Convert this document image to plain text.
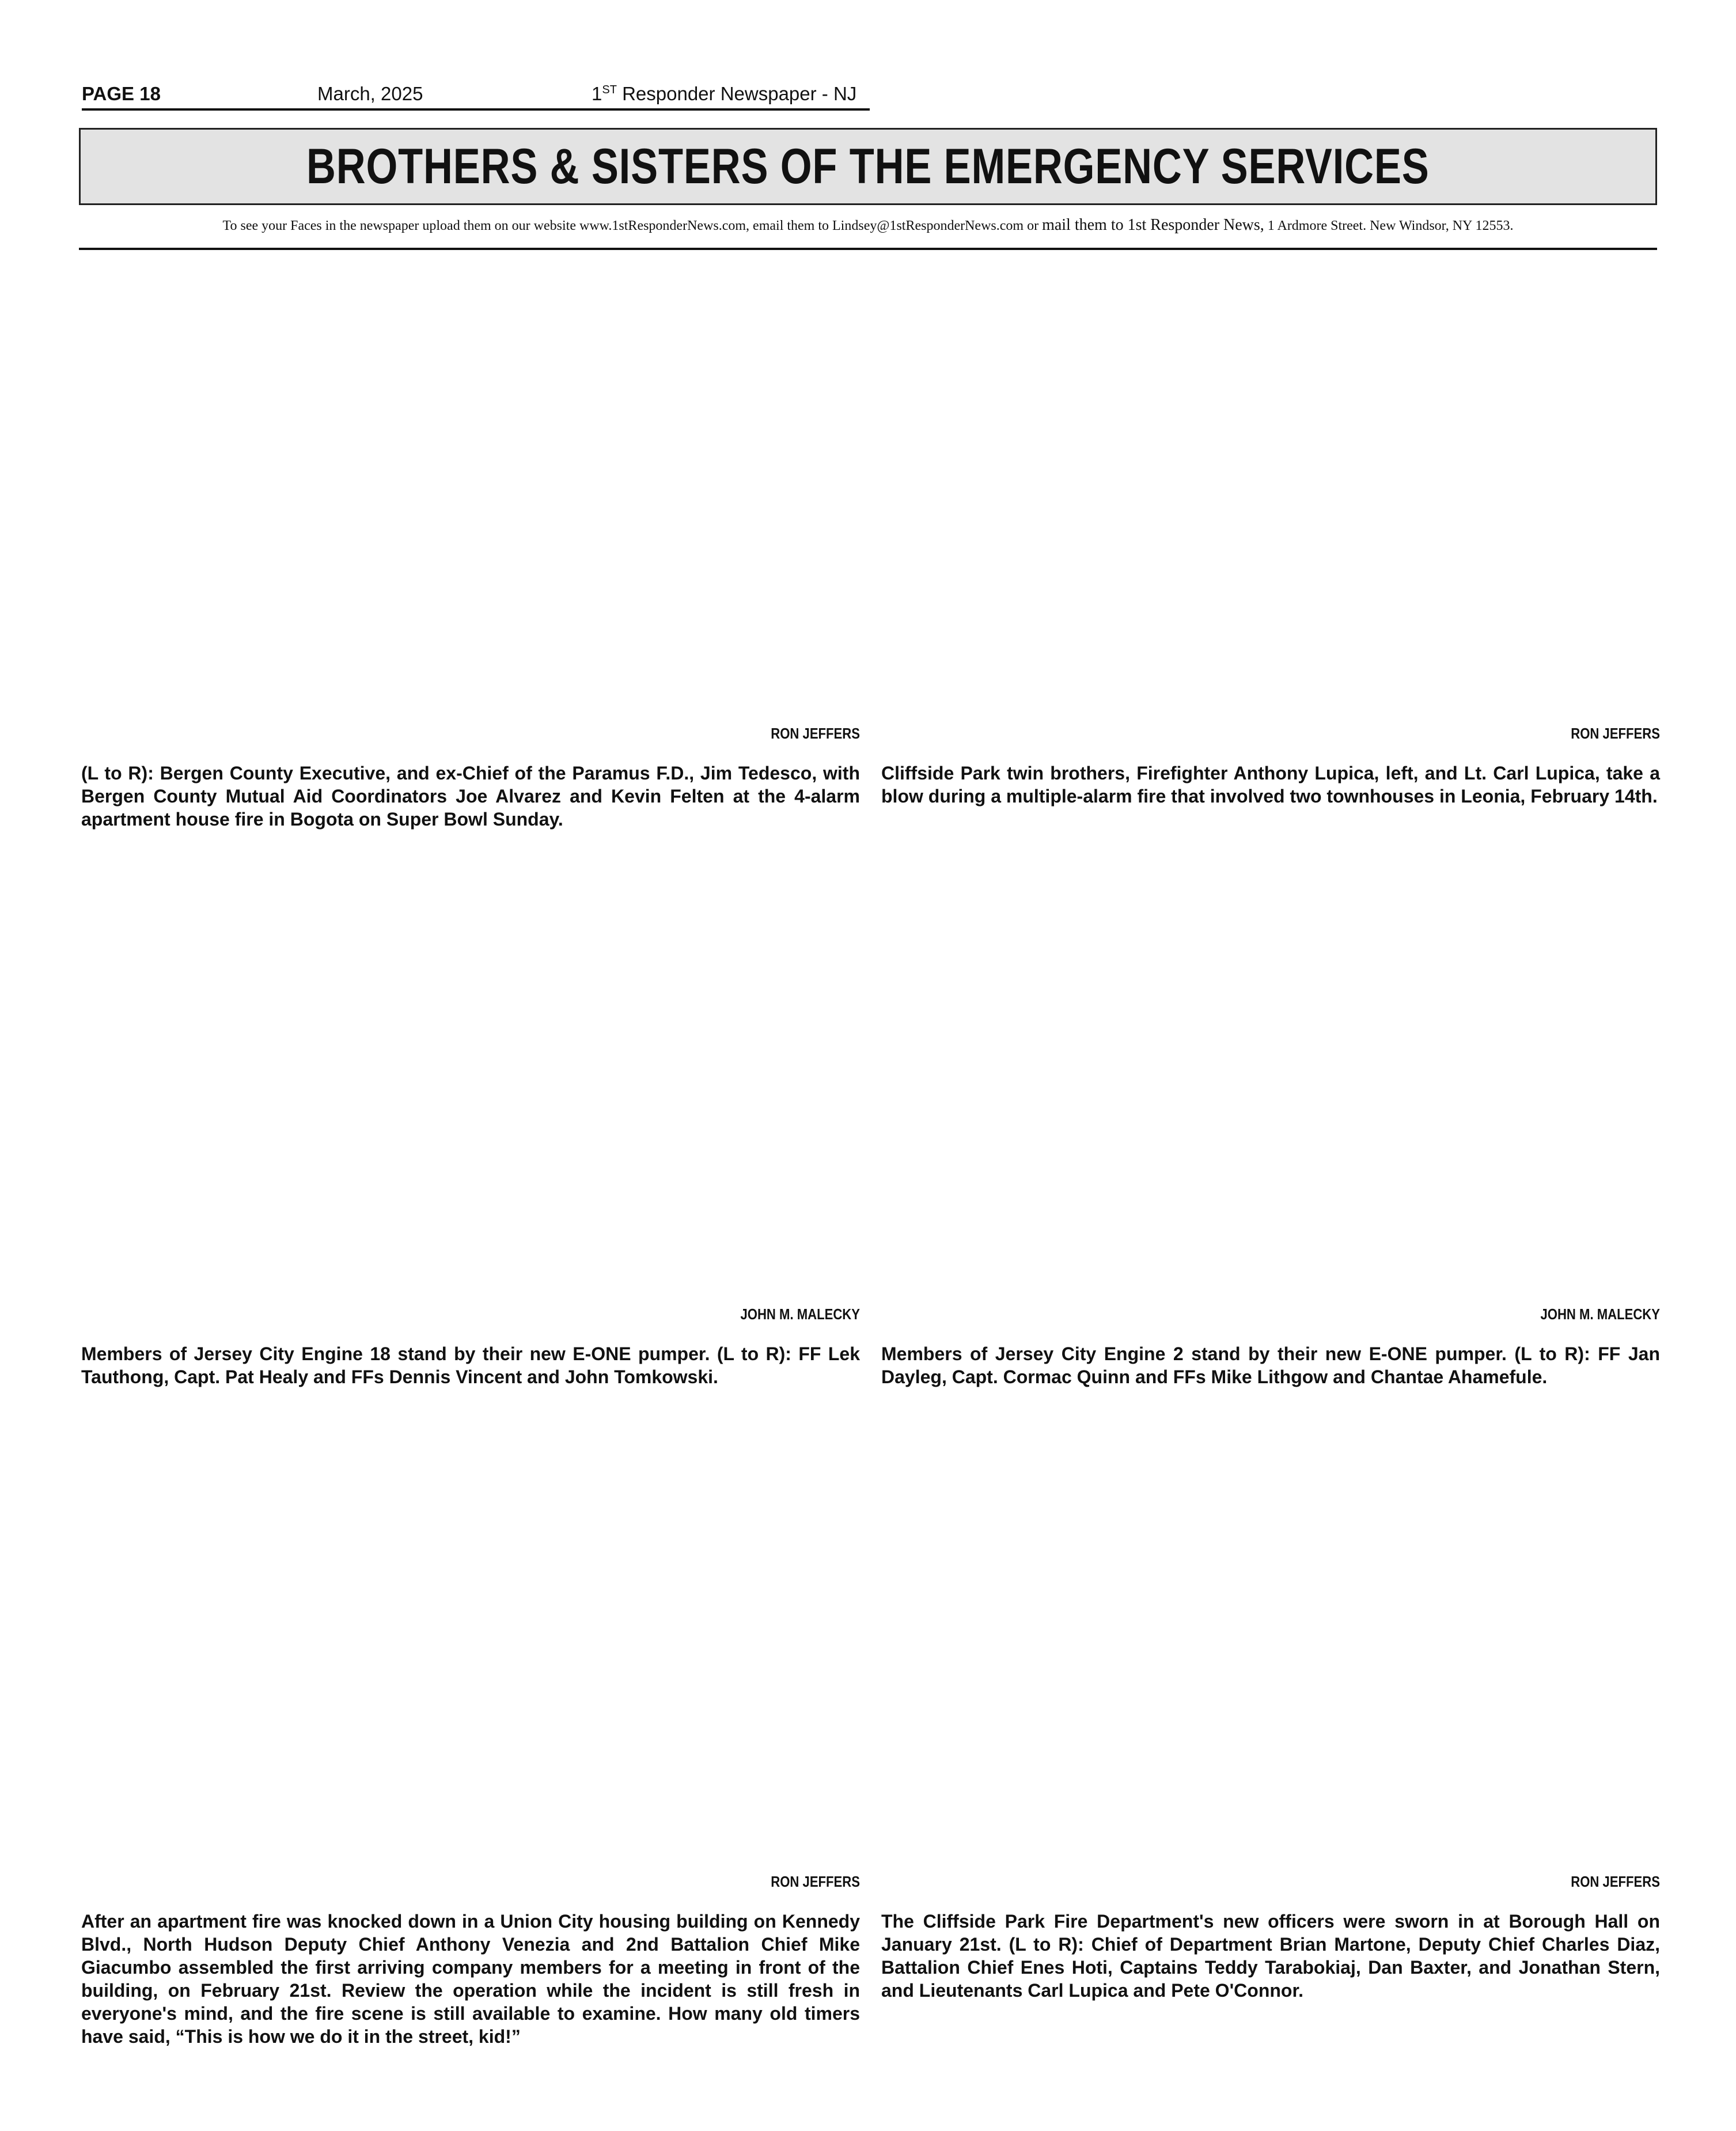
PAGE 18	March, 2025	1ST Responder Newspaper - NJ
BROTHERS & SISTERS OF THE EMERGENCY SERVICES
To see your Faces in the newspaper upload them on our website www.1stResponderNews.com, email them to Lindsey@1stResponderNews.com or mail them to 1st Responder News, 1 Ardmore Street. New Windsor, NY 12553.
RON JEFFERS	RON JEFFERS
(L to R): Bergen County Executive, and ex-Chief of the Paramus F.D., Jim Tedesco, with Bergen County Mutual Aid Coordinators Joe Alvarez and Kevin Felten at the 4-alarm apartment house fire in Bogota on Super Bowl Sunday.
Cliffside Park twin brothers, Firefighter Anthony Lupica, left, and Lt. Carl Lupica, take a blow during a multiple-alarm fire that involved two townhouses in Leonia, February 14th.
JOHN M. MALECKY	JOHN M. MALECKY
Members of Jersey City Engine 18 stand by their new E-ONE pumper. (L to R): FF Lek Tauthong, Capt. Pat Healy and FFs Dennis Vincent and John Tomkowski.
Members of Jersey City Engine 2 stand by their new E-ONE pumper. (L to R): FF Jan Dayleg, Capt. Cormac Quinn and FFs Mike Lithgow and Chantae Ahamefule.
RON JEFFERS	RON JEFFERS
After an apartment fire was knocked down in a Union City housing building on Kennedy Blvd., North Hudson Deputy Chief Anthony Venezia and 2nd Battalion Chief Mike Giacumbo assembled the first arriving company members for a meeting in front of the building, on February 21st. Review the operation while the incident is still fresh in everyone's mind, and the fire scene is still available to examine. How many old timers have said, “This is how we do it in the street, kid!”
The Cliffside Park Fire Department's new officers were sworn in at Borough Hall on January 21st. (L to R): Chief of Department Brian Martone, Deputy Chief Charles Diaz, Battalion Chief Enes Hoti, Captains Teddy Tarabokiaj, Dan Baxter, and Jonathan Stern, and Lieutenants Carl Lupica and Pete O'Connor.
